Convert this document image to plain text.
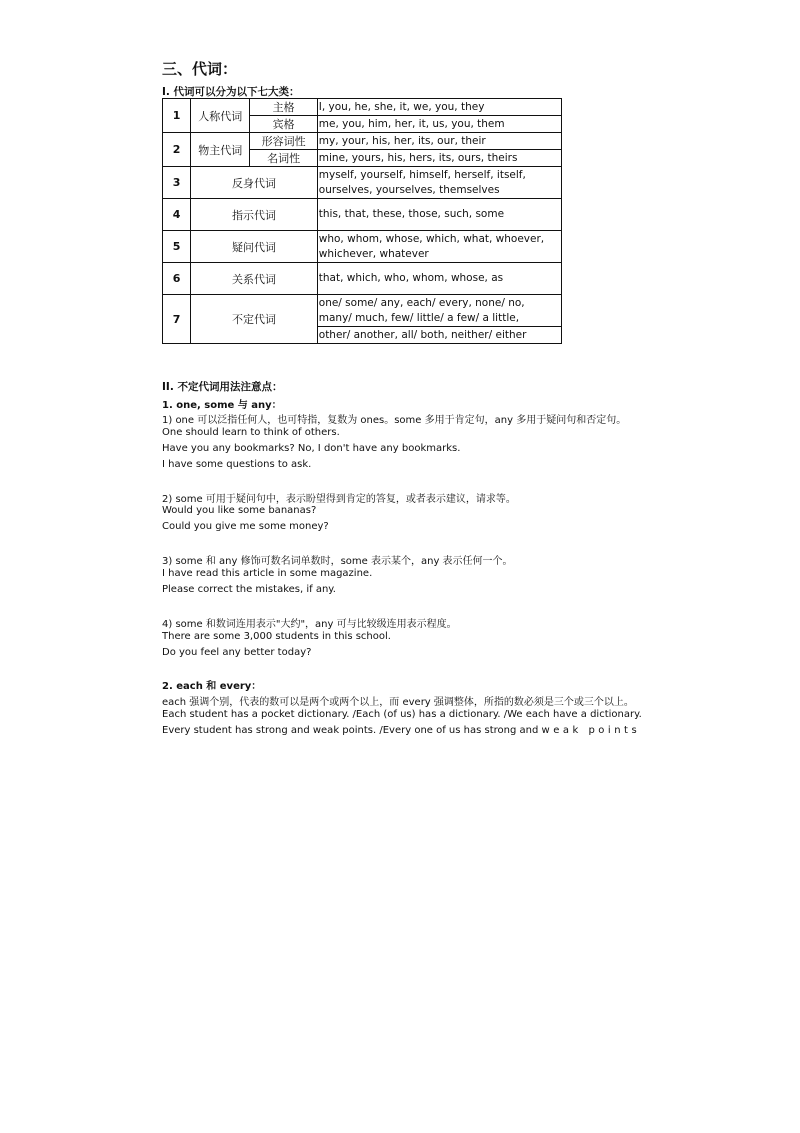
三、代词：
I. 代词可以分为以下七大类：
1	人称代词	主格	I, you, he, she, it, we, you, they
		宾格	me, you, him, her, it, us, you, them
2	物主代词	形容词性	my, your, his, her, its, our, their
		名词性	mine, yours, his, hers, its, ours, theirs
3	反身代词		myself, yourself, himself, herself, itself,
ourselves, yourselves, themselves

4	指示代词		this, that, these, those, such, some
5	疑问代词		who, whom, whose, which, what, whoever,
whichever, whatever

6	关系代词		that, which, who, whom, whose, as
7	不定代词		one/ some/ any, each/ every, none/ no,
many/ much, few/ little/ a few/ a little,

			other/ another, all/ both, neither/ either
II. 不定代词用法注意点：
1. one, some 与 any：
1) one 可以泛指任何人，也可特指，复数为 ones。some 多用于肯定句，any 多用于疑问句和否定句。
One should learn to think of others.
Have you any bookmarks? No, I don't have any bookmarks.
I have some questions to ask.
2) some 可用于疑问句中，表示盼望得到肯定的答复，或者表示建议，请求等。
Would you like some bananas?
Could you give me some money?
3) some 和 any 修饰可数名词单数时，some 表示某个，any 表示任何一个。
I have read this article in some magazine.
Please correct the mistakes, if any.
4) some 和数词连用表示"大约"，any 可与比较级连用表示程度。
There are some 3,000 students in this school.
Do you feel any better today?
2. each 和 every：
each 强调个别，代表的数可以是两个或两个以上，而 every 强调整体，所指的数必须是三个或三个以上。
Each student has a pocket dictionary. /Each (of us) has a dictionary. /We each have a dictionary.
Every student has strong and weak points. /Every one of us has strong and weak points
